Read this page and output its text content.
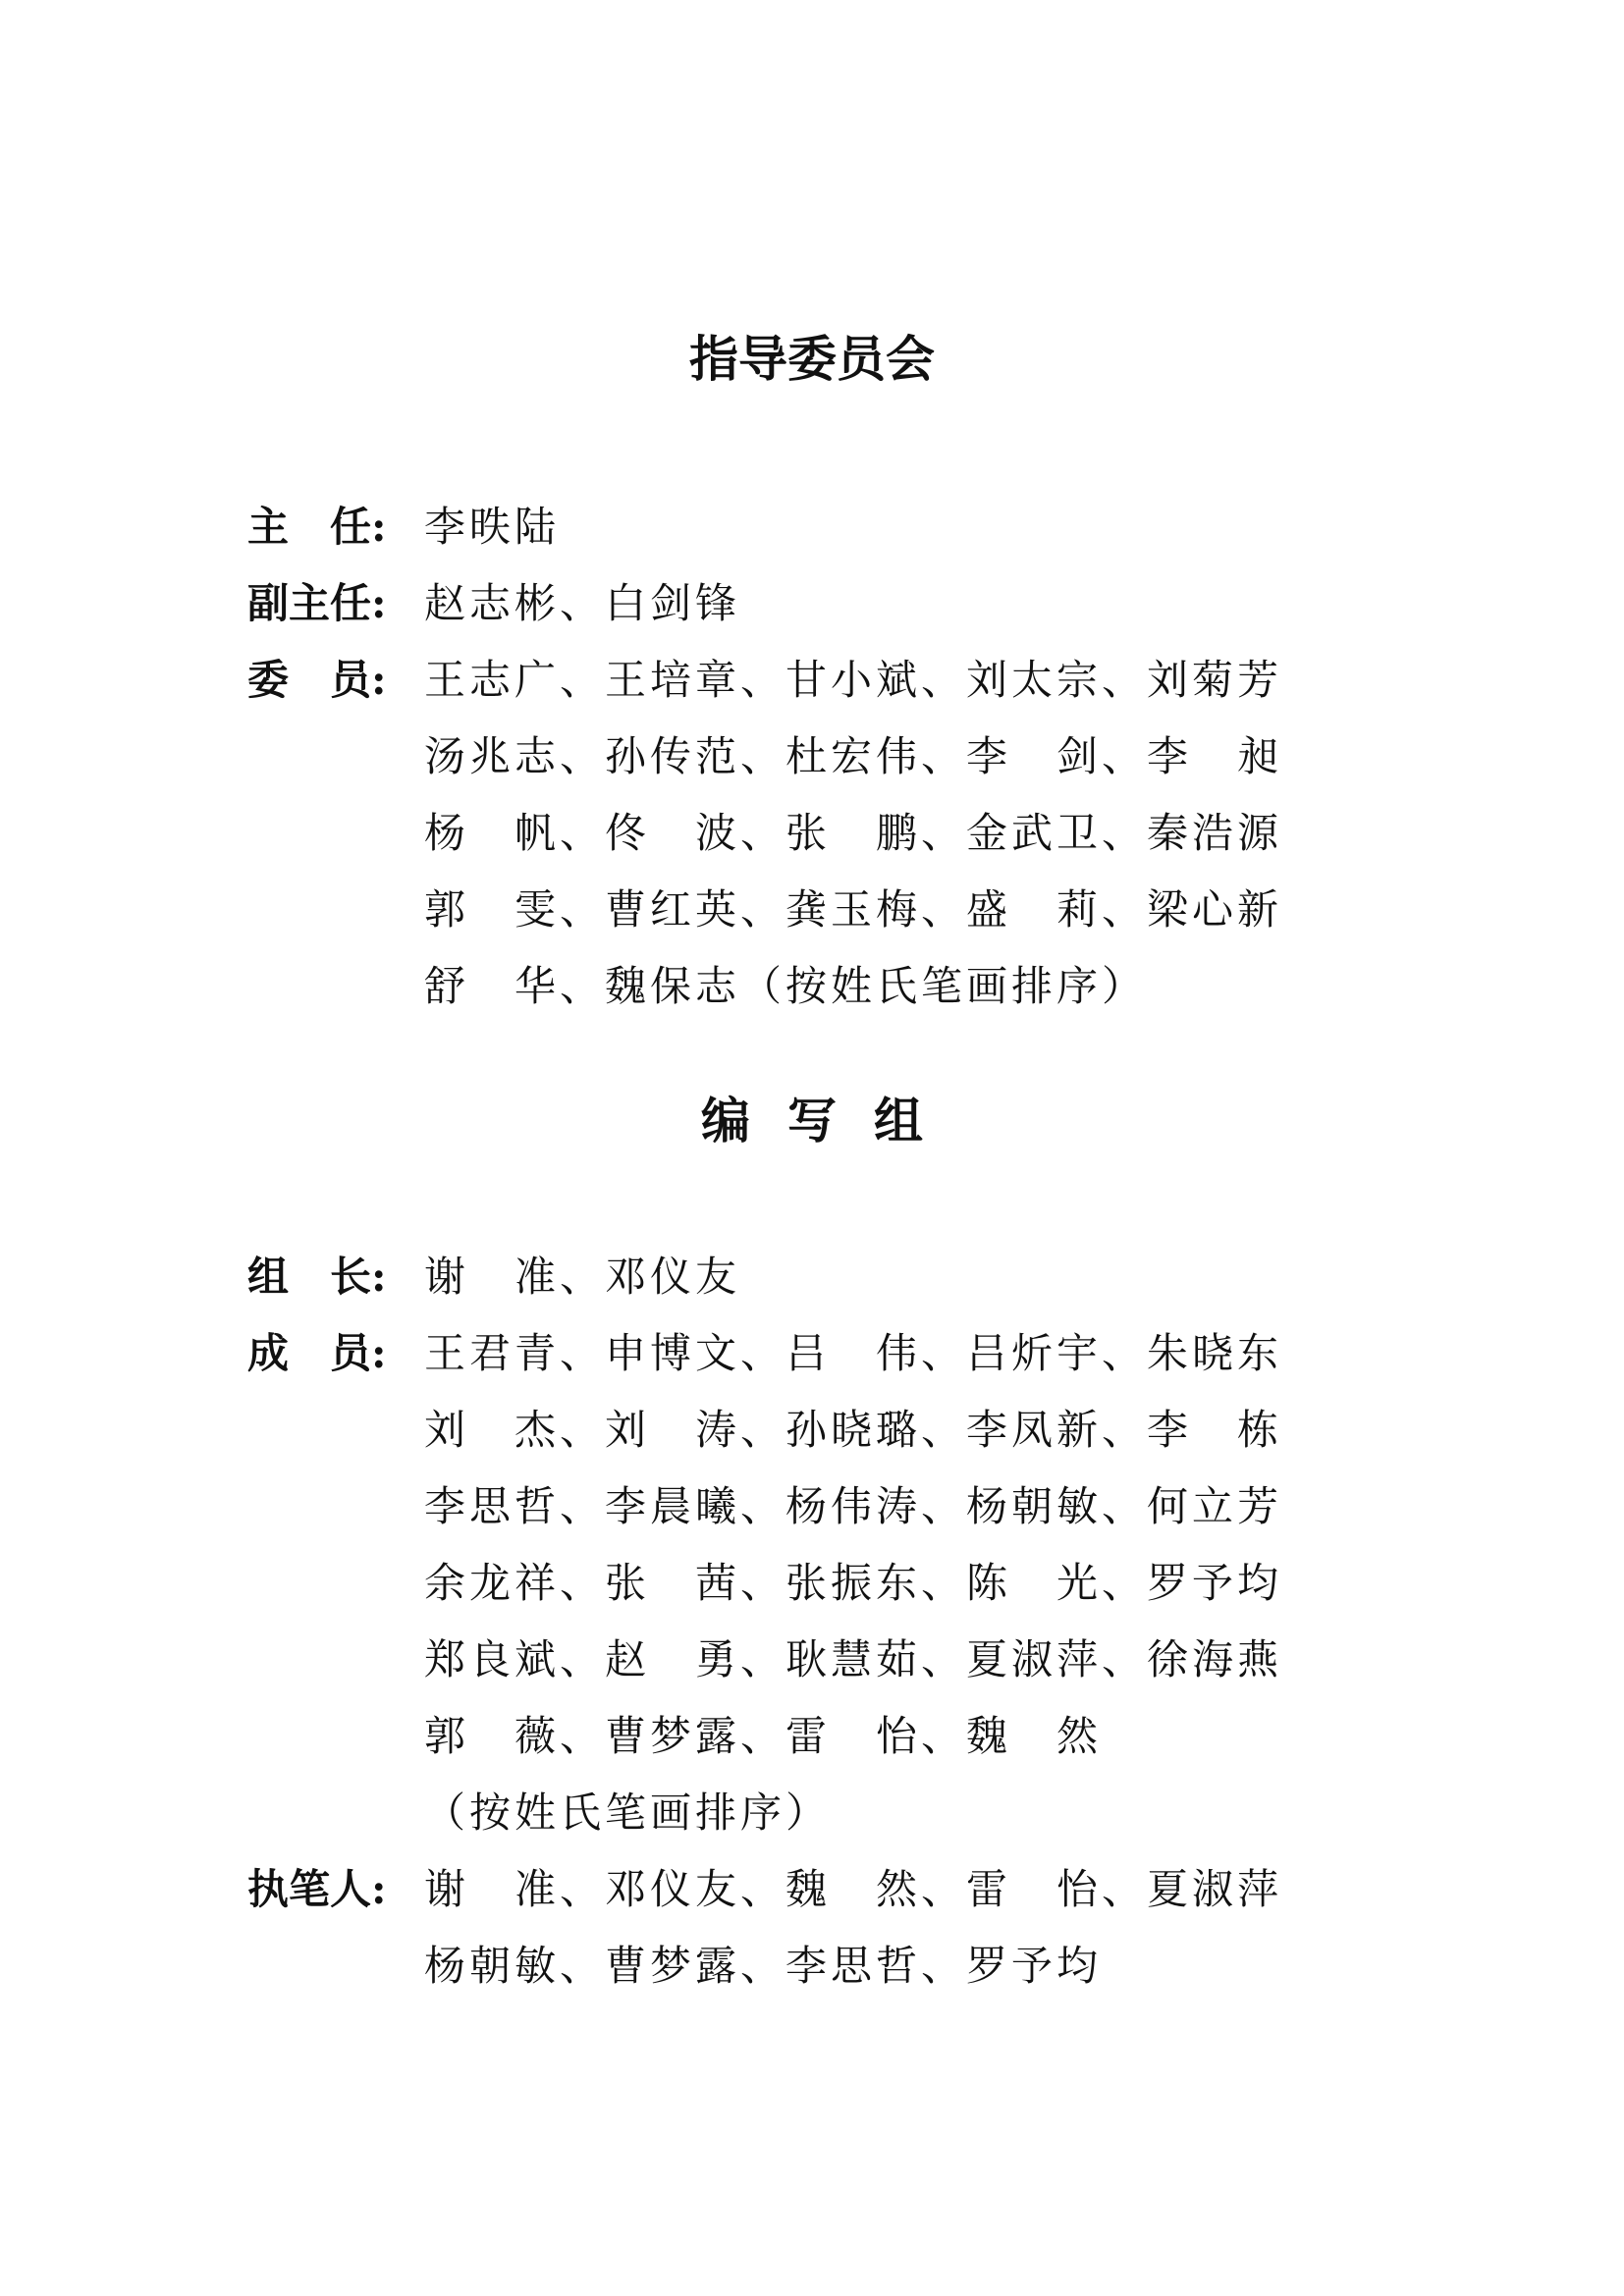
指导委员会
主　任: 李昳陆
副主任: 赵志彬、白剑锋
委　员: 王志广、王培章、甘小斌、刘太宗、刘菊芳
汤兆志、孙传范、杜宏伟、李　剑、李　昶
杨　帆、佟　波、张　鹏、金武卫、秦浩源
郭　雯、曹红英、龚玉梅、盛　莉、梁心新
舒　华、魏保志（按姓氏笔画排序）
编写组
组　长: 谢　准、邓仪友
成　员: 王君青、申博文、吕　伟、吕炘宇、朱晓东
刘　杰、刘　涛、孙晓璐、李凤新、李　栋
李思哲、李晨曦、杨伟涛、杨朝敏、何立芳
余龙祥、张　茜、张振东、陈　光、罗予均
郑良斌、赵　勇、耿慧茹、夏淑萍、徐海燕
郭　薇、曹梦露、雷　怡、魏　然
（按姓氏笔画排序）
执笔人: 谢　准、邓仪友、魏　然、雷　怡、夏淑萍
杨朝敏、曹梦露、李思哲、罗予均
